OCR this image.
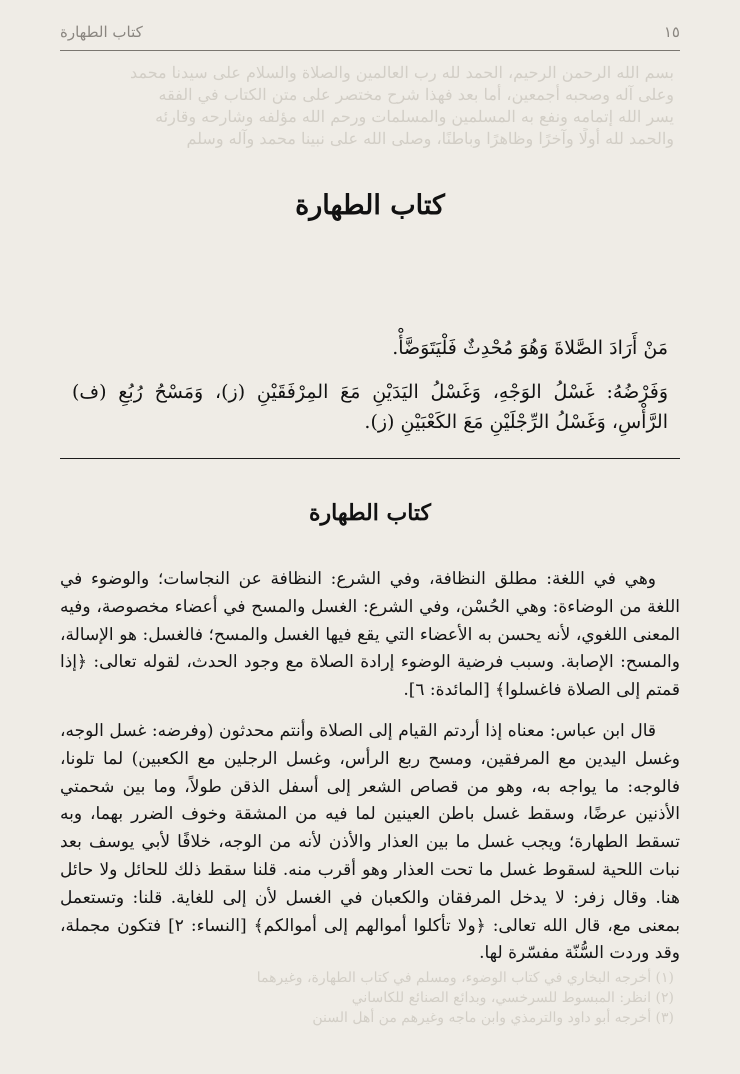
١٥
كتاب الطهارة
بسم الله الرحمن الرحيم، الحمد لله رب العالمين والصلاة والسلام على سيدنا محمد
وعلى آله وصحبه أجمعين، أما بعد فهذا شرح مختصر على متن الكتاب في الفقه
يسر الله إتمامه ونفع به المسلمين والمسلمات ورحم الله مؤلفه وشارحه وقارئه
والحمد لله أولًا وآخرًا وظاهرًا وباطنًا، وصلى الله على نبينا محمد وآله وسلم
كتاب الطهارة

مَنْ أَرَادَ الصَّلاةَ وَهُوَ مُحْدِثٌ فَلْيَتَوَضَّأْ.

وَفَرْضُهُ: غَسْلُ الوَجْهِ، وَغَسْلُ اليَدَيْنِ مَعَ المِرْفَقَيْنِ (ز)، وَمَسْحُ رُبُعِ (ف) الرَّأْسِ، وَغَسْلُ الرِّجْلَيْنِ مَعَ الكَعْبَيْنِ (ز).

كتاب الطهارة

وهي في اللغة: مطلق النظافة، وفي الشرع: النظافة عن النجاسات؛ والوضوء في اللغة من الوضاءة: وهي الحُسْن، وفي الشرع: الغسل والمسح في أعضاء مخصوصة، وفيه المعنى اللغوي، لأنه يحسن به الأعضاء التي يقع فيها الغسل والمسح؛ فالغسل: هو الإسالة، والمسح: الإصابة. وسبب فرضية الوضوء إرادة الصلاة مع وجود الحدث، لقوله تعالى: ﴿إذا قمتم إلى الصلاة فاغسلوا﴾ [المائدة: ٦].

قال ابن عباس: معناه إذا أردتم القيام إلى الصلاة وأنتم محدثون (وفرضه: غسل الوجه، وغسل اليدين مع المرفقين، ومسح ربع الرأس، وغسل الرجلين مع الكعبين) لما تلونا، فالوجه: ما يواجه به، وهو من قصاص الشعر إلى أسفل الذقن طولاً، وما بين شحمتي الأذنين عرضًا، وسقط غسل باطن العينين لما فيه من المشقة وخوف الضرر بهما، وبه تسقط الطهارة؛ ويجب غسل ما بين العذار والأذن لأنه من الوجه، خلافًا لأبي يوسف بعد نبات اللحية لسقوط غسل ما تحت العذار وهو أقرب منه. قلنا سقط ذلك للحائل ولا حائل هنا. وقال زفر: لا يدخل المرفقان والكعبان في الغسل لأن إلى للغاية. قلنا: وتستعمل بمعنى مع، قال الله تعالى: ﴿ولا تأكلوا أموالهم إلى أموالكم﴾ [النساء: ٢] فتكون مجملة، وقد وردت السُّنّة مفسّرة لها.

(١) أخرجه البخاري في كتاب الوضوء، ومسلم في كتاب الطهارة، وغيرهما
(٢) انظر: المبسوط للسرخسي، وبدائع الصنائع للكاساني
(٣) أخرجه أبو داود والترمذي وابن ماجه وغيرهم من أهل السنن
